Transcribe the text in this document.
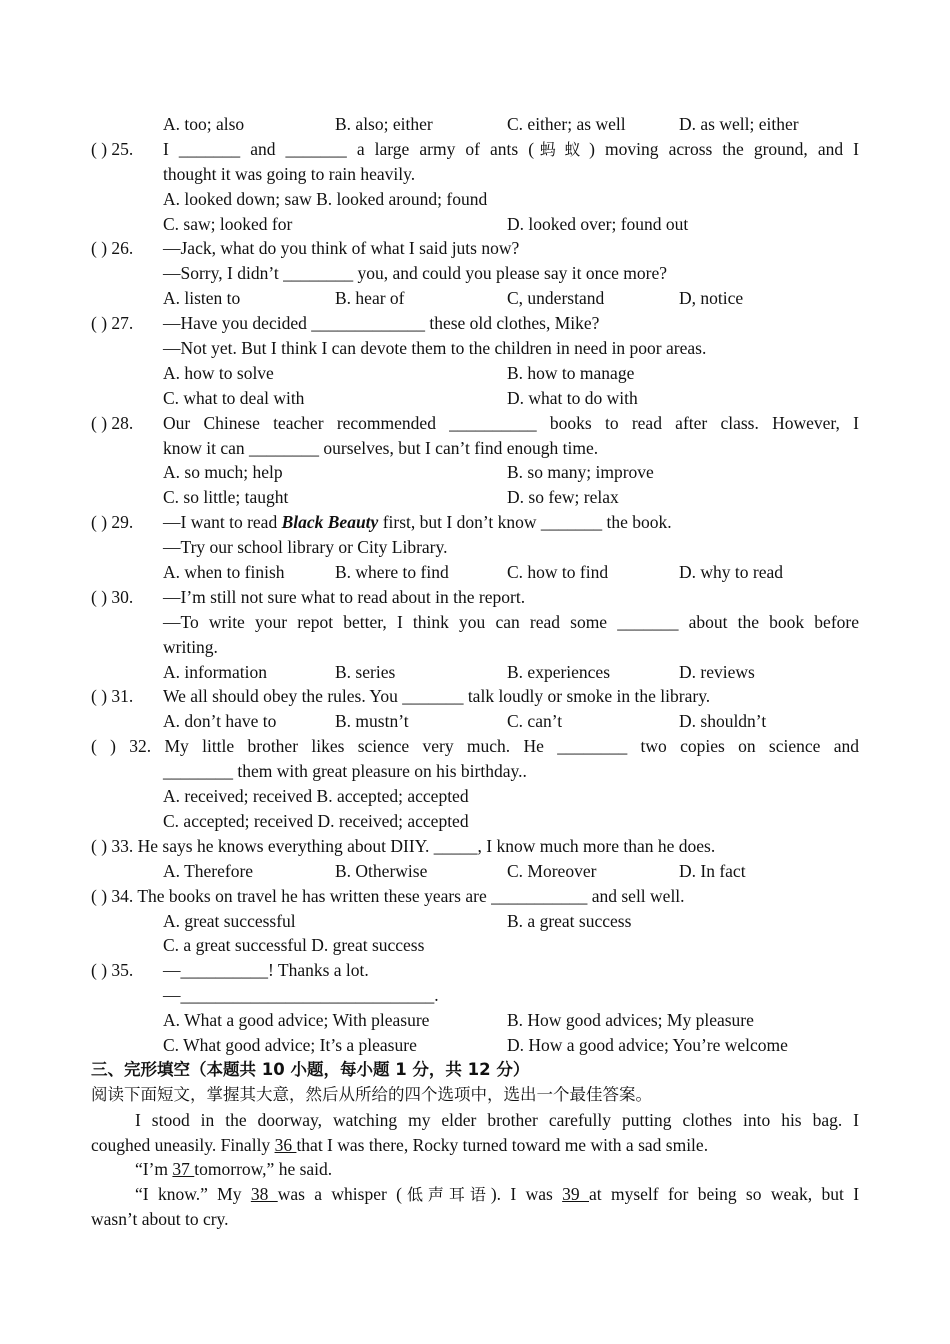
A. too; also	B. also; either	C. either; as well	D. as well; either
( ) 25. I _______ and _______ a large army of ants (蚂蚁) moving across the ground, and I
thought it was going to rain heavily.
A. looked down; saw B. looked around; found
C. saw; looked for	D. looked over; found out
( ) 26. —Jack, what do you think of what I said juts now?
—Sorry, I didn’t ________ you, and could you please say it once more?
A. listen to	B. hear of	C, understand	D, notice
( ) 27. —Have you decided _____________ these old clothes, Mike?
—Not yet. But I think I can devote them to the children in need in poor areas.
A. how to solve	B. how to manage
C. what to deal with	D. what to do with
( ) 28. Our Chinese teacher recommended __________ books to read after class. However, I
know it can ________ ourselves, but I can’t find enough time.
A. so much; help	B. so many; improve
C. so little; taught	D. so few; relax
( ) 29. —I want to read Black Beauty first, but I don’t know _______ the book.
—Try our school library or City Library.
A. when to finish	B. where to find	C. how to find	D. why to read
( ) 30. —I’m still not sure what to read about in the report.
—To write your repot better, I think you can read some _______ about the book before
writing.
A. information	B. series	B. experiences	D. reviews
( ) 31. We all should obey the rules. You _______ talk loudly or smoke in the library.
A. don’t have to	B. mustn’t	C. can’t	D. shouldn’t
( ) 32. My little brother likes science very much. He ________ two copies on science and
________ them with great pleasure on his birthday..
A. received; received B. accepted; accepted
C. accepted; received D. received; accepted
( ) 33. He says he knows everything about DIIY. _____, I know much more than he does.
A. Therefore	B. Otherwise	C. Moreover	D. In fact
( ) 34. The books on travel he has written these years are ___________ and sell well.
A. great successful	B. a great success
C. a great successful D. great success
( ) 35. —__________! Thanks a lot.
—_____________________________.
A. What a good advice; With pleasure	B. How good advices; My pleasure
C. What good advice; It’s a pleasure	D. How a good advice; You’re welcome
三、完形填空（本题共 10 小题，每小题 1 分，共 12 分）
阅读下面短文，掌握其大意，然后从所给的四个选项中，选出一个最佳答案。
I stood in the doorway, watching my elder brother carefully putting clothes into his bag. I
coughed uneasily. Finally 36 that I was there, Rocky turned toward me with a sad smile.
“I’m 37 tomorrow,” he said.
“I know.” My 38 was a whisper (低声耳语). I was 39 at myself for being so weak, but I
wasn’t about to cry.
